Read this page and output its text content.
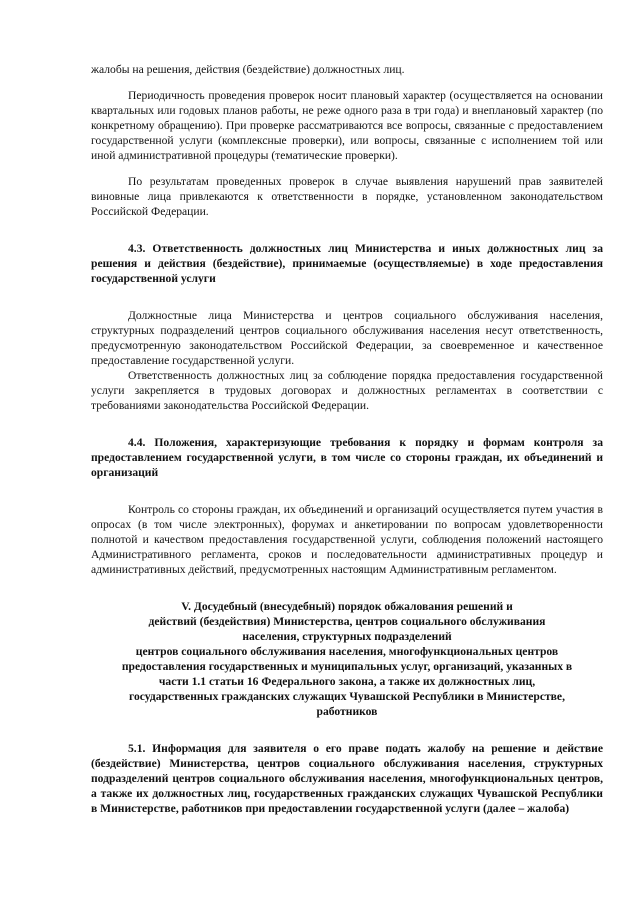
жалобы на решения, действия (бездействие) должностных лиц.

Периодичность проведения проверок носит плановый характер (осуществляется на основании квартальных или годовых планов работы, не реже одного раза в три года) и внеплановый характер (по конкретному обращению). При проверке рассматриваются все вопросы, связанные с предоставлением государственной услуги (комплексные проверки), или вопросы, связанные с исполнением той или иной административной процедуры (тематические проверки).

По результатам проведенных проверок в случае выявления нарушений прав заявителей виновные лица привлекаются к ответственности в порядке, установленном законодательством Российской Федерации.

4.3. Ответственность должностных лиц Министерства и иных должностных лиц за решения и действия (бездействие), принимаемые (осуществляемые) в ходе предоставления государственной услуги

Должностные лица Министерства и центров социального обслуживания населения, структурных подразделений центров социального обслуживания населения несут ответственность, предусмотренную законодательством Российской Федерации, за своевременное и качественное предоставление государственной услуги.

Ответственность должностных лиц за соблюдение порядка предоставления государственной услуги закрепляется в трудовых договорах и должностных регламентах в соответствии с требованиями законодательства Российской Федерации.

4.4. Положения, характеризующие требования к порядку и формам контроля за предоставлением государственной услуги, в том числе со стороны граждан, их объединений и организаций

Контроль со стороны граждан, их объединений и организаций осуществляется путем участия в опросах (в том числе электронных), форумах и анкетировании по вопросам удовлетворенности полнотой и качеством предоставления государственной услуги, соблюдения положений настоящего Административного регламента, сроков и последовательности административных процедур и административных действий, предусмотренных настоящим Административным регламентом.

V. Досудебный (внесудебный) порядок обжалования решений и
действий (бездействия) Министерства, центров социального обслуживания
населения, структурных подразделений
центров социального обслуживания населения, многофункциональных центров
предоставления государственных и муниципальных услуг, организаций, указанных в
части 1.1 статьи 16 Федерального закона, а также их должностных лиц,
государственных гражданских служащих Чувашской Республики в Министерстве,
работников

5.1. Информация для заявителя о его праве подать жалобу на решение и действие (бездействие) Министерства, центров социального обслуживания населения, структурных подразделений центров социального обслуживания населения, многофункциональных центров, а также их должностных лиц, государственных гражданских служащих Чувашской Республики в Министерстве, работников при предоставлении государственной услуги (далее – жалоба)
